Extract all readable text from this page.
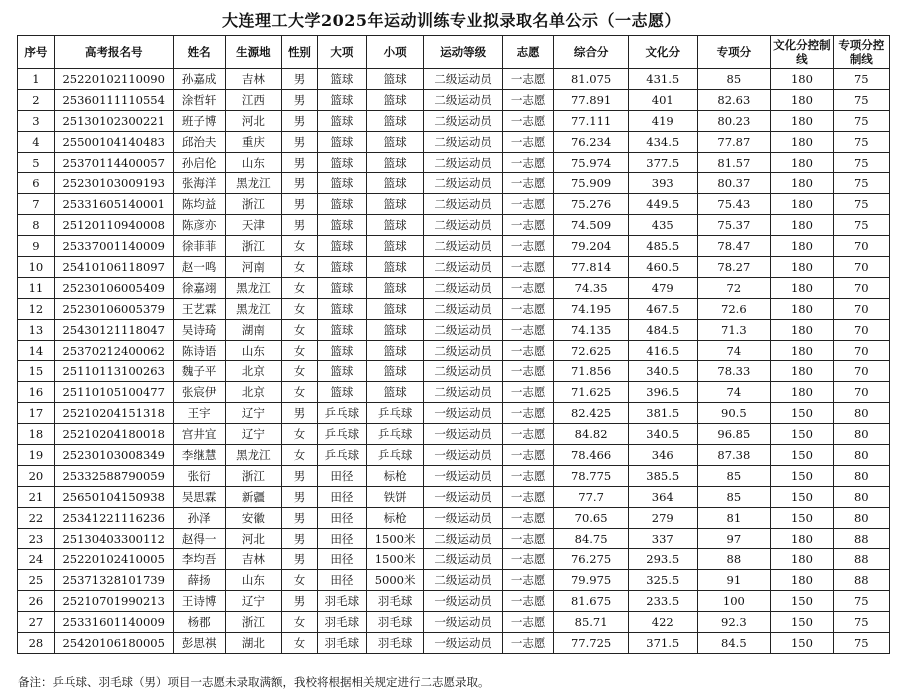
大连理工大学2025年运动训练专业拟录取名单公示（一志愿）
序号	高考报名号	姓名	生源地	性别	大项	小项	运动等级	志愿	综合分	文化分	专项分	文化分控制线	专项分控制线
1	25220102110090	孙嘉成	吉林	男	篮球	篮球	二级运动员	一志愿	81.075	431.5	85	180	75
2	25360111110554	涂哲轩	江西	男	篮球	篮球	二级运动员	一志愿	77.891	401	82.63	180	75
3	25130102300221	班子博	河北	男	篮球	篮球	二级运动员	一志愿	77.111	419	80.23	180	75
4	25500104140483	邱治夫	重庆	男	篮球	篮球	二级运动员	一志愿	76.234	434.5	77.87	180	75
5	25370114400057	孙启伦	山东	男	篮球	篮球	二级运动员	一志愿	75.974	377.5	81.57	180	75
6	25230103009193	张海洋	黑龙江	男	篮球	篮球	二级运动员	一志愿	75.909	393	80.37	180	75
7	25331605140001	陈均益	浙江	男	篮球	篮球	二级运动员	一志愿	75.276	449.5	75.43	180	75
8	25120110940008	陈彦亦	天津	男	篮球	篮球	二级运动员	一志愿	74.509	435	75.37	180	75
9	25337001140009	徐菲菲	浙江	女	篮球	篮球	二级运动员	一志愿	79.204	485.5	78.47	180	70
10	25410106118097	赵一鸣	河南	女	篮球	篮球	二级运动员	一志愿	77.814	460.5	78.27	180	70
11	25230106005409	徐嘉翊	黑龙江	女	篮球	篮球	二级运动员	一志愿	74.35	479	72	180	70
12	25230106005379	王艺霖	黑龙江	女	篮球	篮球	二级运动员	一志愿	74.195	467.5	72.6	180	70
13	25430121118047	吴诗琦	湖南	女	篮球	篮球	二级运动员	一志愿	74.135	484.5	71.3	180	70
14	25370212400062	陈诗语	山东	女	篮球	篮球	二级运动员	一志愿	72.625	416.5	74	180	70
15	25110113100263	魏子平	北京	女	篮球	篮球	二级运动员	一志愿	71.856	340.5	78.33	180	70
16	25110105100477	张宸伊	北京	女	篮球	篮球	二级运动员	一志愿	71.625	396.5	74	180	70
17	25210204151318	王宇	辽宁	男	乒乓球	乒乓球	一级运动员	一志愿	82.425	381.5	90.5	150	80
18	25210204180018	宫井宜	辽宁	女	乒乓球	乒乓球	一级运动员	一志愿	84.82	340.5	96.85	150	80
19	25230103008349	李继慧	黑龙江	女	乒乓球	乒乓球	一级运动员	一志愿	78.466	346	87.38	150	80
20	25332588790059	张衍	浙江	男	田径	标枪	一级运动员	一志愿	78.775	385.5	85	150	80
21	25650104150938	吴思霖	新疆	男	田径	铁饼	一级运动员	一志愿	77.7	364	85	150	80
22	25341221116236	孙泽	安徽	男	田径	标枪	一级运动员	一志愿	70.65	279	81	150	80
23	25130403300112	赵得一	河北	男	田径	1500米	二级运动员	一志愿	84.75	337	97	180	88
24	25220102410005	李均吾	吉林	男	田径	1500米	二级运动员	一志愿	76.275	293.5	88	180	88
25	25371328101739	薛扬	山东	女	田径	5000米	二级运动员	一志愿	79.975	325.5	91	180	88
26	25210701990213	王诗博	辽宁	男	羽毛球	羽毛球	一级运动员	一志愿	81.675	233.5	100	150	75
27	25331601140009	杨郡	浙江	女	羽毛球	羽毛球	一级运动员	一志愿	85.71	422	92.3	150	75
28	25420106180005	彭思祺	湖北	女	羽毛球	羽毛球	一级运动员	一志愿	77.725	371.5	84.5	150	75
备注：乒乓球、羽毛球（男）项目一志愿未录取满额，我校将根据相关规定进行二志愿录取。
